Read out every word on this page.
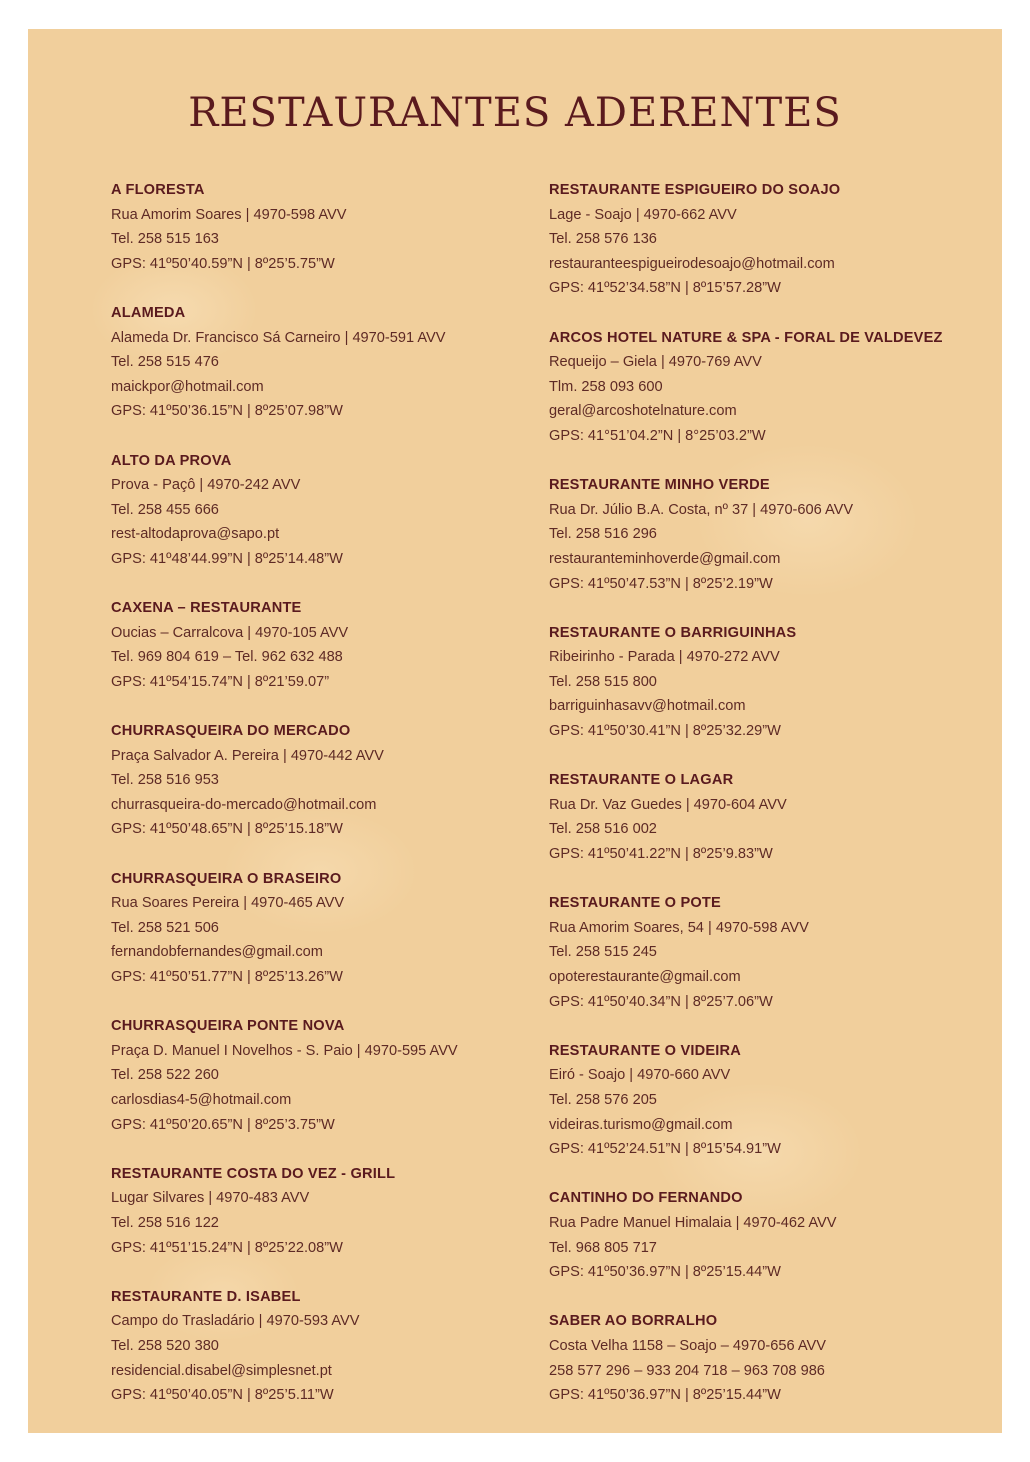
RESTAURANTES ADERENTES
A FLORESTA
Rua Amorim Soares | 4970-598 AVV
Tel. 258 515 163
GPS: 41º50’40.59”N | 8º25’5.75”W
ALAMEDA
Alameda Dr. Francisco Sá Carneiro | 4970-591 AVV
Tel. 258 515 476
maickpor@hotmail.com
GPS: 41º50’36.15”N | 8º25’07.98”W
ALTO DA PROVA
Prova - Paçô | 4970-242 AVV
Tel. 258 455 666
rest-altodaprova@sapo.pt
GPS: 41º48’44.99”N | 8º25’14.48”W
CAXENA – RESTAURANTE
Oucias – Carralcova | 4970-105 AVV
Tel. 969 804 619 – Tel. 962 632 488
GPS: 41º54’15.74”N | 8º21’59.07”
CHURRASQUEIRA DO MERCADO
Praça Salvador A. Pereira | 4970-442 AVV
Tel. 258 516 953
churrasqueira-do-mercado@hotmail.com
GPS: 41º50’48.65”N | 8º25’15.18”W
CHURRASQUEIRA O BRASEIRO
Rua Soares Pereira | 4970-465 AVV
Tel. 258 521 506
fernandobfernandes@gmail.com
GPS: 41º50’51.77”N | 8º25’13.26”W
CHURRASQUEIRA PONTE NOVA
Praça D. Manuel I Novelhos - S. Paio | 4970-595 AVV
Tel. 258 522 260
carlosdias4-5@hotmail.com
GPS: 41º50’20.65”N | 8º25’3.75”W
RESTAURANTE COSTA DO VEZ - GRILL
Lugar Silvares | 4970-483 AVV
Tel. 258 516 122
GPS: 41º51’15.24”N | 8º25’22.08”W
RESTAURANTE D. ISABEL
Campo do Trasladário | 4970-593 AVV
Tel. 258 520 380
residencial.disabel@simplesnet.pt
GPS: 41º50’40.05”N | 8º25’5.11”W
RESTAURANTE ESPIGUEIRO DO SOAJO
Lage - Soajo | 4970-662 AVV
Tel. 258 576 136
restauranteespigueirodesoajo@hotmail.com
GPS: 41º52’34.58”N | 8º15’57.28”W
ARCOS HOTEL NATURE & SPA - FORAL DE VALDEVEZ
Requeijo – Giela | 4970-769 AVV
Tlm. 258 093 600
geral@arcoshotelnature.com
GPS: 41°51’04.2”N | 8°25’03.2”W
RESTAURANTE MINHO VERDE
Rua Dr. Júlio B.A. Costa, nº 37 | 4970-606 AVV
Tel. 258 516 296
restauranteminhoverde@gmail.com
GPS: 41º50’47.53”N | 8º25’2.19”W
RESTAURANTE O BARRIGUINHAS
Ribeirinho - Parada | 4970-272 AVV
Tel. 258 515 800
barriguinhasavv@hotmail.com
GPS: 41º50’30.41”N | 8º25’32.29”W
RESTAURANTE O LAGAR
Rua Dr. Vaz Guedes | 4970-604 AVV
Tel. 258 516 002
GPS: 41º50’41.22”N | 8º25’9.83”W
RESTAURANTE O POTE
Rua Amorim Soares, 54 | 4970-598 AVV
Tel. 258 515 245
opoterestaurante@gmail.com
GPS: 41º50’40.34”N | 8º25’7.06”W
RESTAURANTE O VIDEIRA
Eiró - Soajo | 4970-660 AVV
Tel. 258 576 205
videiras.turismo@gmail.com
GPS: 41º52’24.51”N | 8º15’54.91”W
CANTINHO DO FERNANDO
Rua Padre Manuel Himalaia | 4970-462 AVV
Tel. 968 805 717
GPS: 41º50’36.97”N | 8º25’15.44”W
SABER AO BORRALHO
Costa Velha 1158 – Soajo – 4970-656 AVV
258 577 296 – 933 204 718 – 963 708 986
GPS: 41º50’36.97”N | 8º25’15.44”W
